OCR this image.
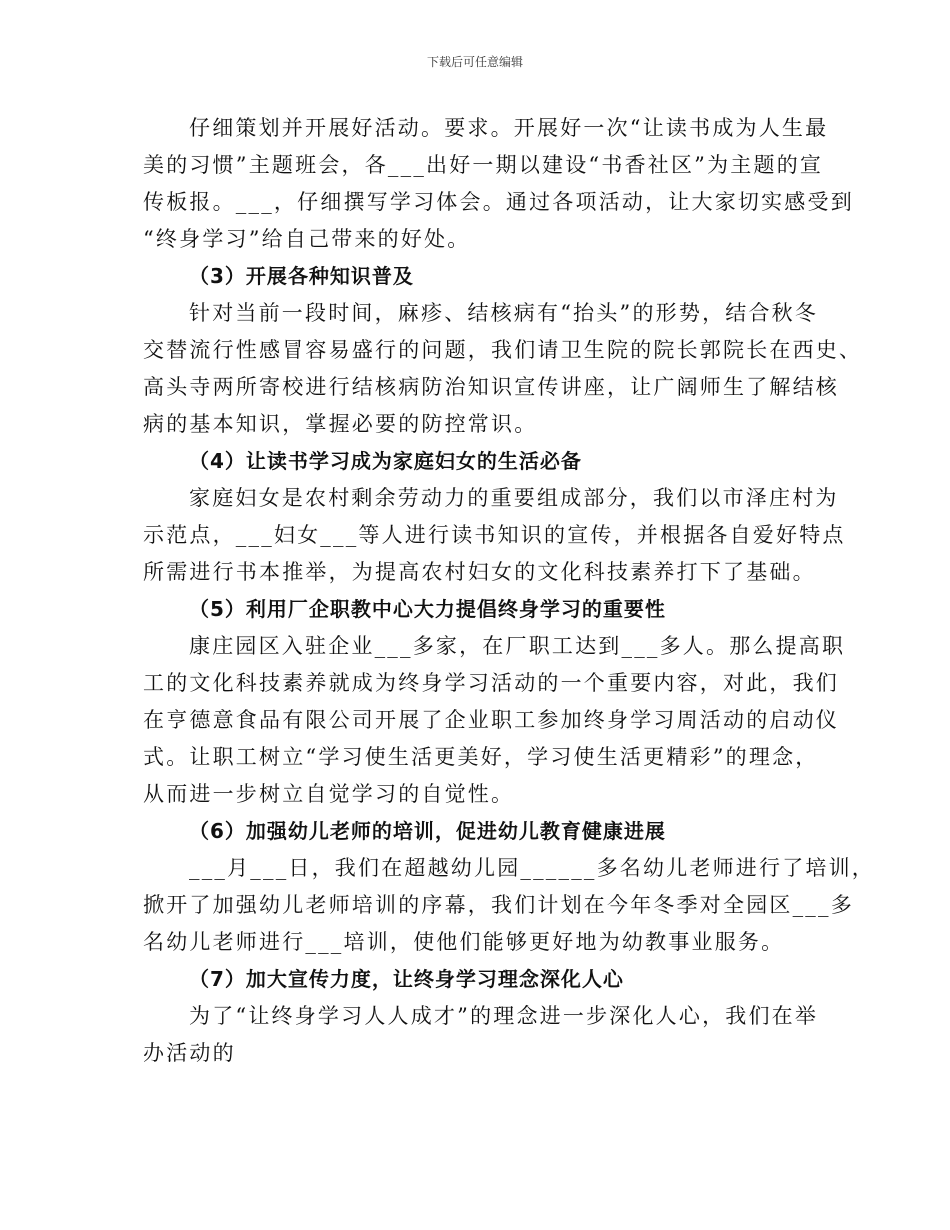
下载后可任意编辑
仔细策划并开展好活动。要求。开展好一次“让读书成为人生最
美的习惯”主题班会，各___出好一期以建设“书香社区”为主题的宣
传板报。___，仔细撰写学习体会。通过各项活动，让大家切实感受到
“终身学习”给自己带来的好处。
（3）开展各种知识普及
针对当前一段时间，麻疹、结核病有“抬头”的形势，结合秋冬
交替流行性感冒容易盛行的问题，我们请卫生院的院长郭院长在西史、
高头寺两所寄校进行结核病防治知识宣传讲座，让广阔师生了解结核
病的基本知识，掌握必要的防控常识。
（4）让读书学习成为家庭妇女的生活必备
家庭妇女是农村剩余劳动力的重要组成部分，我们以市泽庄村为
示范点，___妇女___等人进行读书知识的宣传，并根据各自爱好特点
所需进行书本推举，为提高农村妇女的文化科技素养打下了基础。
（5）利用厂企职教中心大力提倡终身学习的重要性
康庄园区入驻企业___多家，在厂职工达到___多人。那么提高职
工的文化科技素养就成为终身学习活动的一个重要内容，对此，我们
在亨德意食品有限公司开展了企业职工参加终身学习周活动的启动仪
式。让职工树立“学习使生活更美好，学习使生活更精彩”的理念，
从而进一步树立自觉学习的自觉性。
（6）加强幼儿老师的培训，促进幼儿教育健康进展
___月___日，我们在超越幼儿园______多名幼儿老师进行了培训，
掀开了加强幼儿老师培训的序幕，我们计划在今年冬季对全园区___多
名幼儿老师进行___培训，使他们能够更好地为幼教事业服务。
（7）加大宣传力度，让终身学习理念深化人心
为了“让终身学习人人成才”的理念进一步深化人心，我们在举
办活动的
